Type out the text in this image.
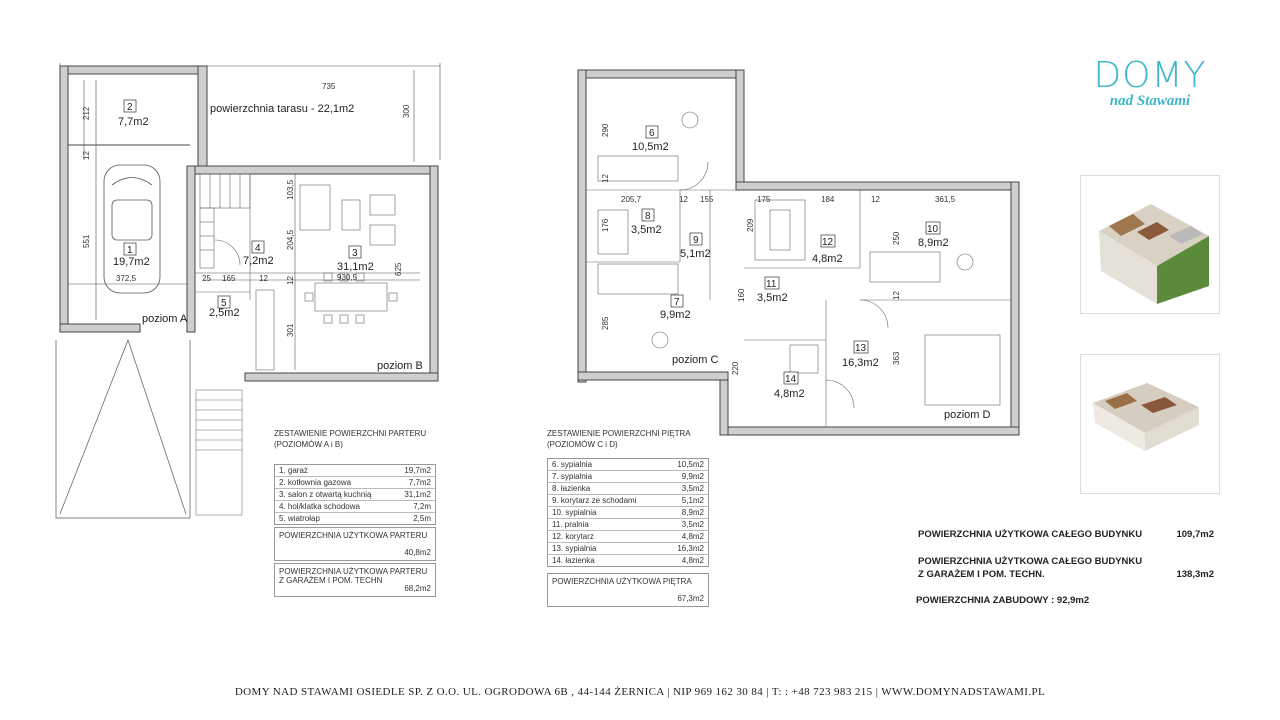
DOMY
nad Stawami
735
212
12
551
372,5
300
103,5
204,5
25 165	12 12	930,5
625
301
powierzchnia tarasu - 22,1m2
2
7,7m2
1
19,7m2
3
31,1m2
4
7,2m2
5
2,5m2
poziom A
poziom B
290
12
205,7	12 155	175	184	12	361,5
176	209
250
160	12
285
220
363
6
10,5m2
7
9,9m2
8
3,5m2
9
5,1m2
10
8,9m2
11
3,5m2
12
4,8m2
13
16,3m2
14
4,8m2
poziom C
poziom D
ZESTAWIENIE POWIERZCHNI PARTERU
(POZIOMÓW A i B)
1. garaż	19,7m2
2. kotłownia gazowa	7,7m2
3. salon z otwartą kuchnią	31,1m2
4. hol/klatka schodowa	7,2m
5. wiatrołap	2,5m
POWIERZCHNIA UŻYTKOWA PARTERU
40,8m2
POWIERZCHNIA UŻYTKOWA PARTERU
Z GARAŻEM I POM. TECHN
68,2m2
ZESTAWIENIE POWIERZCHNI PIĘTRA
(POZIOMÓW C i D)
6. sypialnia	10,5m2
7. sypialnia	9,9m2
8. łazienka	3,5m2
9. korytarz ze schodami	5,1m2
10. sypialnia	8,9m2
11. pralnia	3,5m2
12. korytarz	4,8m2
13. sypialnia	16,3m2
14. łazienka	4,8m2
POWIERZCHNIA UŻYTKOWA PIĘTRA
67,3m2
POWIERZCHNIA UŻYTKOWA CAŁEGO BUDYNKU	109,7m2
POWIERZCHNIA UŻYTKOWA CAŁEGO BUDYNKU
Z GARAŻEM I POM. TECHN.	138,3m2
POWIERZCHNIA ZABUDOWY : 92,9m2
DOMY NAD STAWAMI OSIEDLE SP. Z O.O. UL. OGRODOWA 6B , 44-144 ŻERNICA | NIP 969 162 30 84 | T: : +48 723 983 215 | WWW.DOMYNADSTAWAMI.PL
